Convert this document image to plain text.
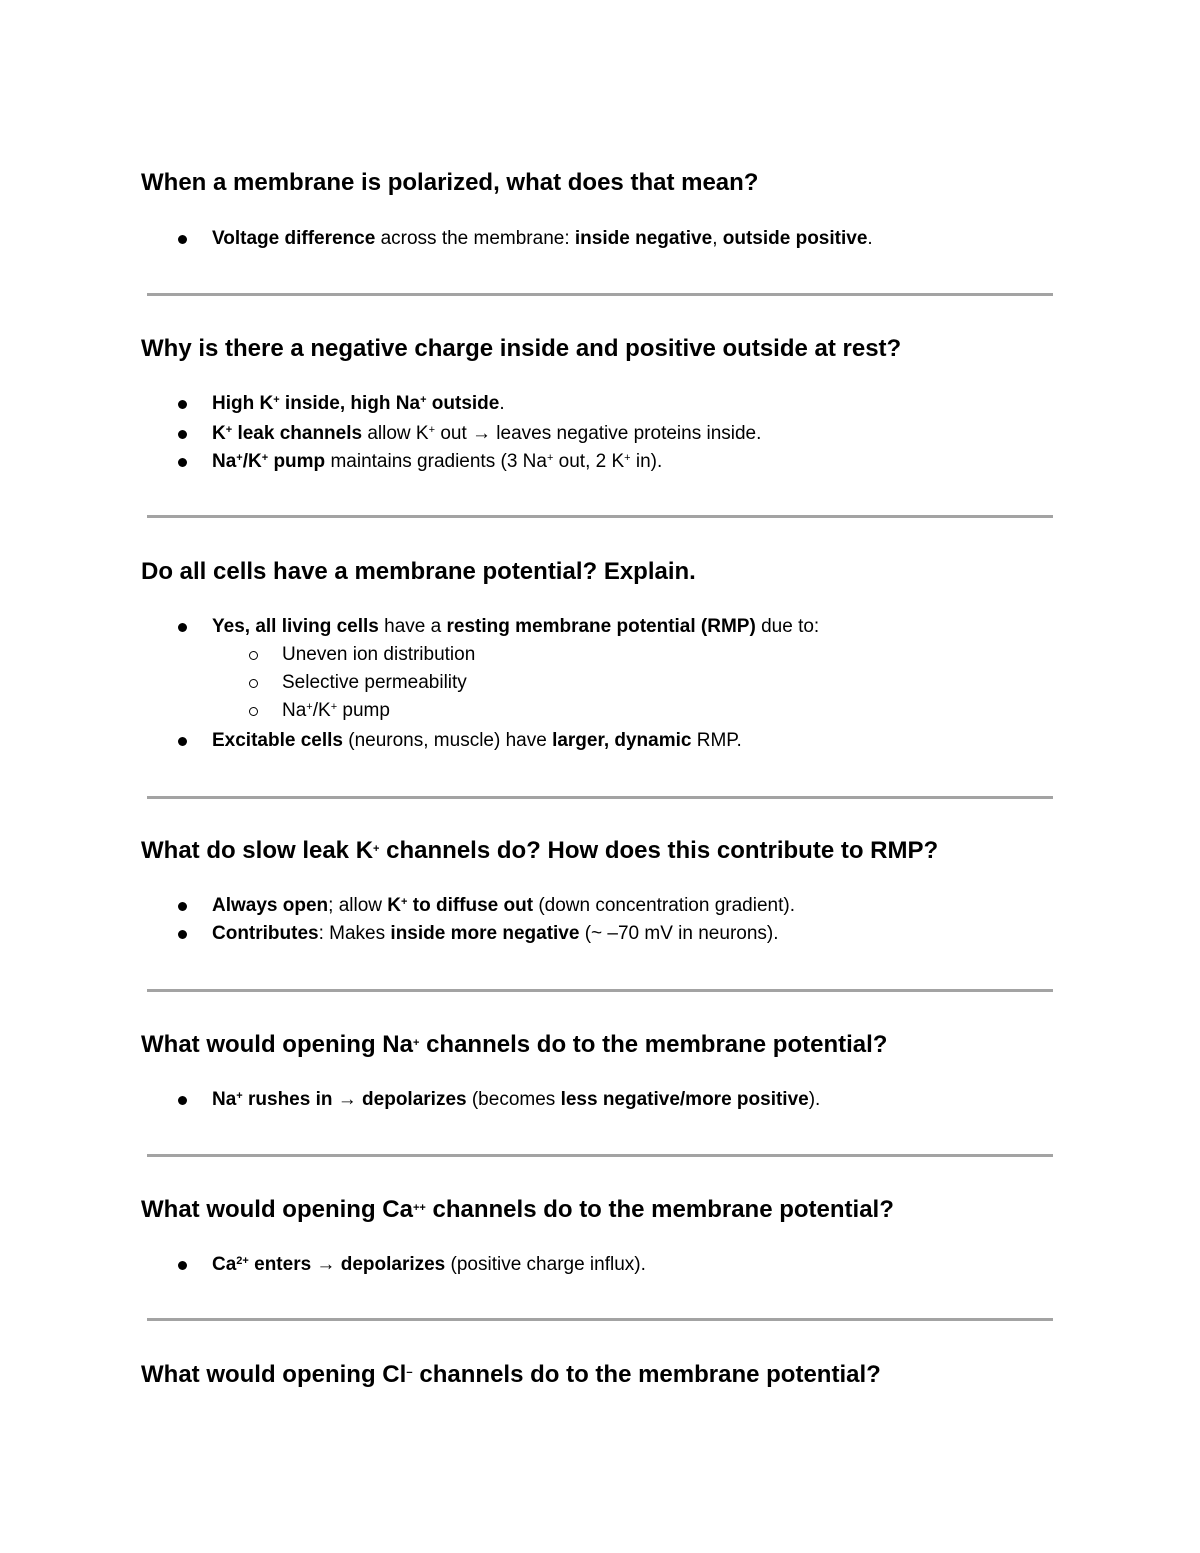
When a membrane is polarized, what does that mean?
Voltage difference across the membrane: inside negative, outside positive.
Why is there a negative charge inside and positive outside at rest?
High K+ inside, high Na+ outside.
K+ leak channels allow K+ out → leaves negative proteins inside.
Na+/K+ pump maintains gradients (3 Na+ out, 2 K+ in).
Do all cells have a membrane potential? Explain.
Yes, all living cells have a resting membrane potential (RMP) due to:
Uneven ion distribution
Selective permeability
Na+/K+ pump
Excitable cells (neurons, muscle) have larger, dynamic RMP.
What do slow leak K+ channels do? How does this contribute to RMP?
Always open; allow K+ to diffuse out (down concentration gradient).
Contributes: Makes inside more negative (~ –70 mV in neurons).
What would opening Na+ channels do to the membrane potential?
Na+ rushes in → depolarizes (becomes less negative/more positive).
What would opening Ca++ channels do to the membrane potential?
$Ca^{2+}$ enters → depolarizes (positive charge influx).
What would opening Cl− channels do to the membrane potential?
